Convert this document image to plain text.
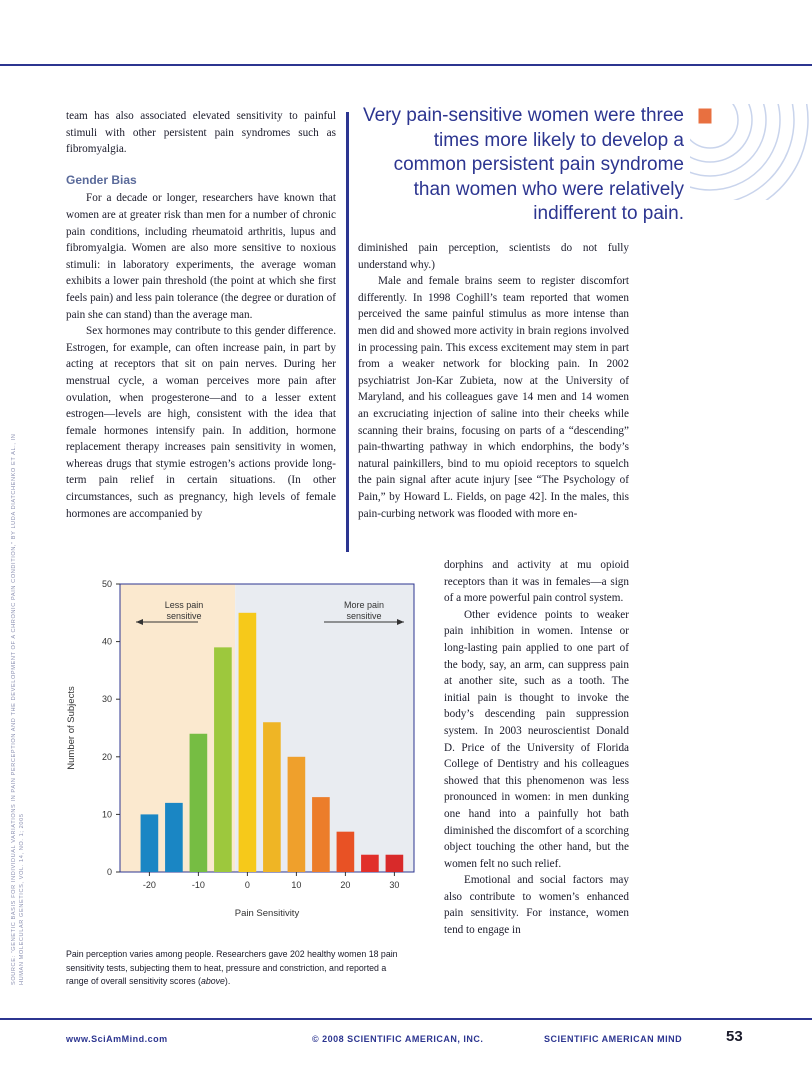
team has also associated elevated sensitivity to painful stimuli with other persistent pain syndromes such as fibromyalgia.

Gender Bias

For a decade or longer, researchers have known that women are at greater risk than men for a number of chronic pain conditions, including rheumatoid arthritis, lupus and fibromyalgia. Women are also more sensitive to noxious stimuli: in laboratory experiments, the average woman exhibits a lower pain threshold (the point at which she first feels pain) and less pain tolerance (the degree or duration of pain she can stand) than the average man.

Sex hormones may contribute to this gender difference. Estrogen, for example, can often increase pain, in part by acting at receptors that sit on pain nerves. During her menstrual cycle, a woman perceives more pain after ovulation, when progesterone—and to a lesser extent estrogen—levels are high, consistent with the idea that female hormones intensify pain. In addition, hormone replacement therapy increases pain sensitivity in women, whereas drugs that stymie estrogen’s actions provide long-term pain relief in certain situations. (In other circumstances, such as pregnancy, high levels of female hormones are accompanied by

Very pain-sensitive women were three times more likely to develop a common persistent pain syndrome than women who were relatively indifferent to pain.

diminished pain perception, scientists do not fully understand why.)

Male and female brains seem to register discomfort differently. In 1998 Coghill’s team reported that women perceived the same painful stimulus as more intense than men did and showed more activity in brain regions involved in processing pain. This excess excitement may stem in part from a weaker network for blocking pain. In 2002 psychiatrist Jon-Kar Zubieta, now at the University of Maryland, and his colleagues gave 14 men and 14 women an excruciating injection of saline into their cheeks while scanning their brains, focusing on parts of a “descending” pain-thwarting pathway in which endorphins, the body’s natural painkillers, bind to mu opioid receptors to squelch the pain signal after acute injury [see “The Psychology of Pain,” by Howard L. Fields, on page 42]. In the males, this pain-curbing network was flooded with more en-

dorphins and activity at mu opioid receptors than it was in females—a sign of a more powerful pain control system.

Other evidence points to weaker pain inhibition in women. Intense or long-lasting pain applied to one part of the body, say, an arm, can suppress pain at another site, such as a tooth. The initial pain is thought to invoke the body’s descending pain suppression system. In 2003 neuroscientist Donald D. Price of the University of Florida College of Dentistry and his colleagues showed that this phenomenon was less pronounced in women: in men dunking one hand into a painfully hot bath diminished the discomfort of a scorching object touching the other hand, but the women felt no such relief.

Emotional and social factors may also contribute to women’s enhanced pain sensitivity. For instance, women tend to engage in

0
10
20
30
40
50
-20	-10	0	10	20	30
Pain Sensitivity
Number of Subjects
Less pain
sensitive
More pain
sensitive
Pain perception varies among people. Researchers gave 202 healthy women 18 pain sensitivity tests, subjecting them to heat, pressure and constriction, and reported a range of overall sensitivity scores (above).
SOURCE: “GENETIC BASIS FOR INDIVIDUAL VARIATIONS IN PAIN PERCEPTION AND THE DEVELOPMENT OF A CHRONIC PAIN CONDITION,” BY LUDA DIATCHENKO ET AL., IN HUMAN MOLECULAR GENETICS, VOL. 14, NO. 1; 2005
www.SciAmMind.com	© 2008 SCIENTIFIC AMERICAN, INC.	SCIENTIFIC AMERICAN MIND	53
